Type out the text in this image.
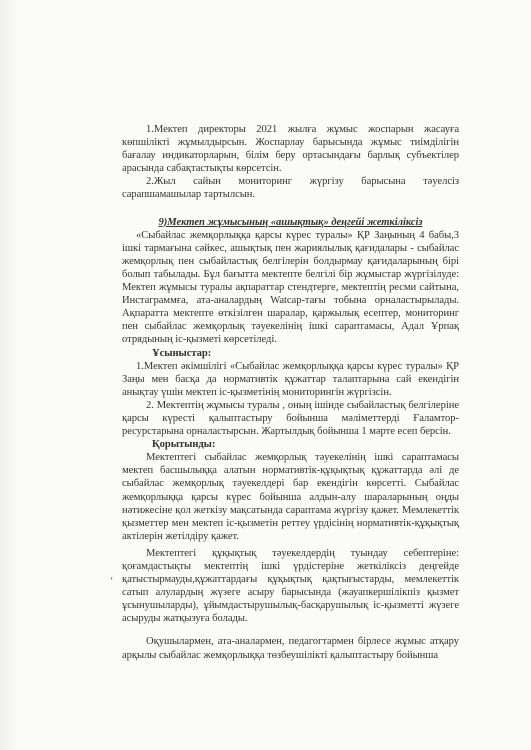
1.Мектеп директоры 2021 жылға жұмыс жоспарын жасауға көпшілікті жұмылдырсын. Жоспарлау барысында жұмыс тиімділігін бағалау индикаторларын, білім беру ортасындағы барлық субъектілер арасында сабақтастықты көрсетсін.

2.Жыл сайын мониторинг жүргізу барысына тәуелсіз сарапшамашылар тартылсын.

9)Мектеп жұмысының «ашықтық» деңгейі жеткіліксіз

«Сыбайлас жемқорлыққа қарсы күрес туралы» ҚР Заңының 4 бабы,3 ішкі тармағына сәйкес, ашықтық пен жариялылық қағидалары - сыбайлас жемқорлық пен сыбайластық белгілерін болдырмау қағидаларының бірі болып табылады. Бұл бағытта мектепте белгілі бір жұмыстар жүргізілуде: Мектеп жұмысы туралы ақпараттар стендтерге, мектептің ресми сайтына, Инстаграммға, ата-аналардың Watcap-тағы тобына орналастырылады. Ақпаратта мектепте өткізілген шаралар, қаржылық есептер, мониторинг пен сыбайлас жемқорлық тәуекелінің ішкі сараптамасы, Адал Ұрпақ отрядының іс-қызметі көрсетіледі.

Ұсыныстар:

1.Мектеп әкімшілігі «Сыбайлас жемқорлыққа қарсы күрес туралы» ҚР Заңы мен басқа да нормативтік құжаттар талаптарына сай екендігін анықтау үшін мектеп іс-қызметінің мониторингін жүргізсін.

2. Мектептің жұмысы туралы , оның ішінде сыбайластық белгілеріне қарсы күресті қалыптастыру бойынша мәліметтерді Ғаламтор- ресурстарына орналастырсын. Жартылдық бойынша 1 мәрте есеп берсін.

Қорытынды:

Мектептегі сыбайлас жемқорлық тәуекелінің ішкі сараптамасы мектеп басшылыққа алатын нормативтік-құқықтық құжаттарда әлі де сыбайлас жемқорлық тәуекелдері бар екендігін көрсетті. Сыбайлас жемқорлыққа қарсы күрес бойынша алдын-алу шараларының оңды нәтижесіне қол жеткізу мақсатында сараптама жүргізу қажет. Мемлекеттік қызметтер мен мектеп іс-қызметін реттеу үрдісінің нормативтік-құқықтық актілерін жетілдіру қажет.

Мектептегі құқықтық тәуекелдердің туындау себептеріне: қоғамдастықты мектептің ішкі үрдістеріне жеткіліксіз деңгейде қатыстырмауды,құжаттардағы құқықтық қақтығыстарды, мемлекеттік сатып алулардың жүзеге асыру барысында (жауапкершілікпіз қызмет ұсынушыларды), ұйымдастырушылық-басқарушылық іс-қызметті жүзеге асыруды жатқызуға болады.

Оқушылармен, ата-аналармен, педагогтармен бірлесе жұмыс атқару арқылы сыбайлас жемқорлыққа төзбеушілікті қалыптастыру бойынша

ʻ
